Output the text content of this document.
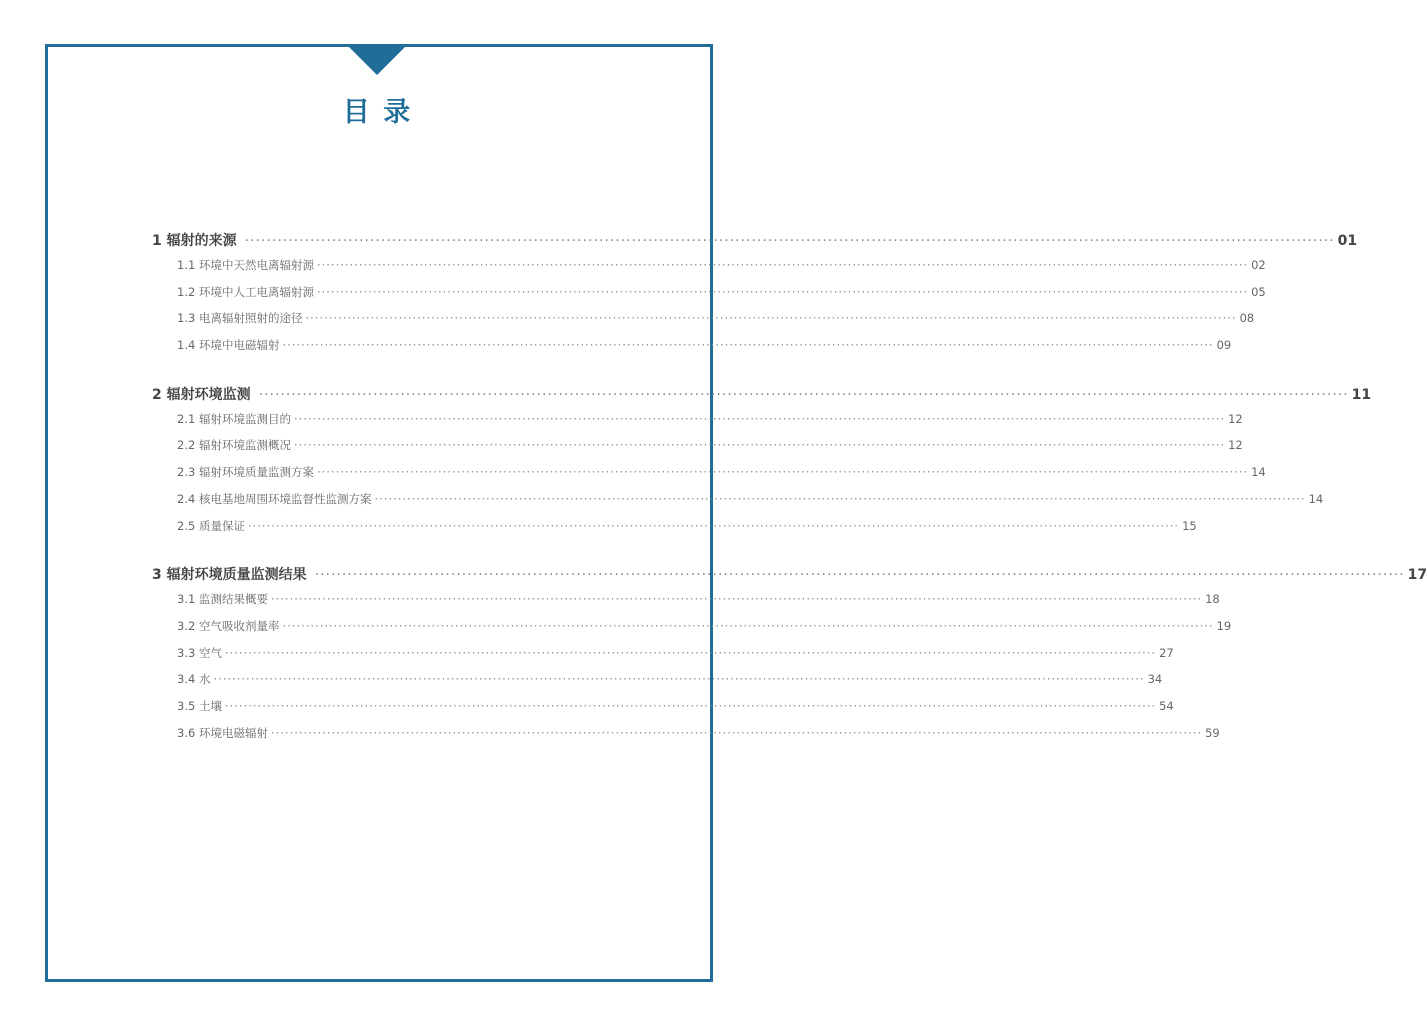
目 录
1 辐射的来源 ········································································································································································································ 01
1.1 环境中天然电离辐射源 ········································································································································································································ 02
1.2 环境中人工电离辐射源 ········································································································································································································ 05
1.3 电离辐射照射的途径 ········································································································································································································ 08
1.4 环境中电磁辐射 ········································································································································································································ 09
2 辐射环境监测 ········································································································································································································ 11
2.1 辐射环境监测目的 ········································································································································································································ 12
2.2 辐射环境监测概况 ········································································································································································································ 12
2.3 辐射环境质量监测方案 ········································································································································································································ 14
2.4 核电基地周围环境监督性监测方案 ········································································································································································································ 14
2.5 质量保证 ········································································································································································································ 15
3 辐射环境质量监测结果 ········································································································································································································ 17
3.1 监测结果概要 ········································································································································································································ 18
3.2 空气吸收剂量率 ········································································································································································································ 19
3.3 空气 ········································································································································································································ 27
3.4 水 ········································································································································································································ 34
3.5 土壤 ········································································································································································································ 54
3.6 环境电磁辐射 ········································································································································································································ 59
